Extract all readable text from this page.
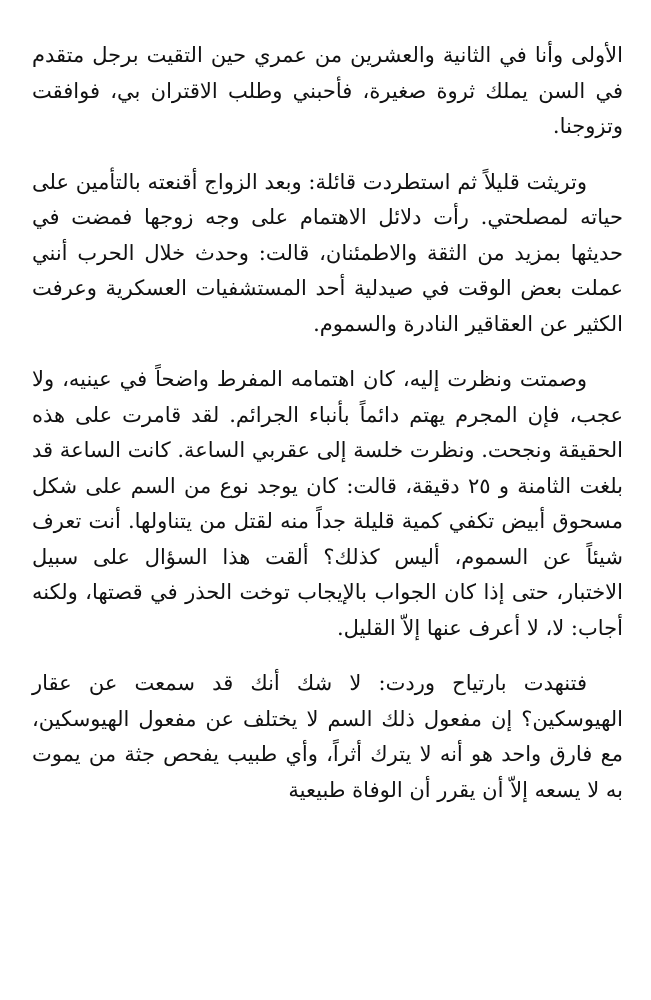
الأولى وأنا في الثانية والعشرين من عمري حين التقيت برجل متقدم في السن يملك ثروة صغيرة، فأحبني وطلب الاقتران بي، فوافقت وتزوجنا.

وتريثت قليلاً ثم استطردت قائلة: وبعد الزواج أقنعته بالتأمين على حياته لمصلحتي. رأت دلائل الاهتمام على وجه زوجها فمضت في حديثها بمزيد من الثقة والاطمئنان، قالت: وحدث خلال الحرب أنني عملت بعض الوقت في صيدلية أحد المستشفيات العسكرية وعرفت الكثير عن العقاقير النادرة والسموم.

وصمتت ونظرت إليه، كان اهتمامه المفرط واضحاً في عينيه، ولا عجب، فإن المجرم يهتم دائماً بأنباء الجرائم. لقد قامرت على هذه الحقيقة ونجحت. ونظرت خلسة إلى عقربي الساعة. كانت الساعة قد بلغت الثامنة و ٢٥ دقيقة، قالت: كان يوجد نوع من السم على شكل مسحوق أبيض تكفي كمية قليلة جداً منه لقتل من يتناولها. أنت تعرف شيئاً عن السموم، أليس كذلك؟ ألقت هذا السؤال على سبيل الاختبار، حتى إذا كان الجواب بالإيجاب توخت الحذر في قصتها، ولكنه أجاب: لا، لا أعرف عنها إلاّ القليل.

فتنهدت بارتياح وردت: لا شك أنك قد سمعت عن عقار الهيوسكين؟ إن مفعول ذلك السم لا يختلف عن مفعول الهيوسكين، مع فارق واحد هو أنه لا يترك أثراً، وأي طبيب يفحص جثة من يموت به لا يسعه إلاّ أن يقرر أن الوفاة طبيعية
